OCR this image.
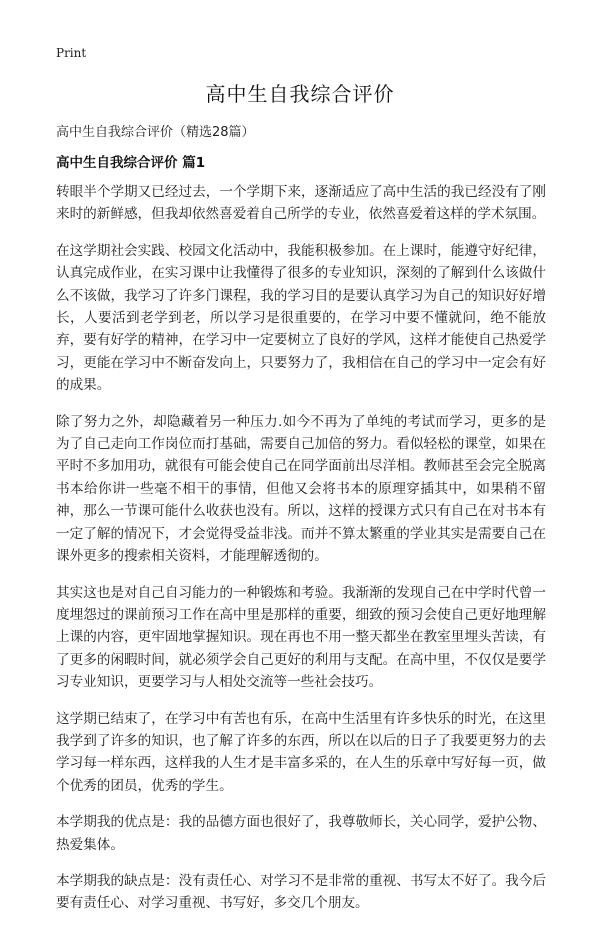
Print
高中生自我综合评价

高中生自我综合评价（精选28篇）

高中生自我综合评价 篇1

转眼半个学期又已经过去，一个学期下来，逐渐适应了高中生活的我已经没有了刚来时的新鲜感，但我却依然喜爱着自己所学的专业，依然喜爱着这样的学术氛围。

在这学期社会实践、校园文化活动中，我能积极参加。在上课时，能遵守好纪律，认真完成作业，在实习课中让我懂得了很多的专业知识，深刻的了解到什么该做什么不该做，我学习了许多门课程，我的学习目的是要认真学习为自己的知识好好增长，人要活到老学到老，所以学习是很重要的，在学习中要不懂就问，绝不能放弃，要有好学的精神，在学习中一定要树立了良好的学风，这样才能使自己热爱学习，更能在学习中不断奋发向上，只要努力了，我相信在自己的学习中一定会有好的成果。

除了努力之外，却隐藏着另一种压力.如今不再为了单纯的考试而学习，更多的是为了自己走向工作岗位而打基础，需要自己加倍的努力。看似轻松的课堂，如果在平时不多加用功，就很有可能会使自己在同学面前出尽洋相。教师甚至会完全脱离书本给你讲一些毫不相干的事情，但他又会将书本的原理穿插其中，如果稍不留神，那么一节课可能什么收获也没有。所以，这样的授课方式只有自己在对书本有一定了解的情况下，才会觉得受益非浅。而并不算太繁重的学业其实是需要自己在课外更多的搜索相关资料，才能理解透彻的。

其实这也是对自己自习能力的一种锻炼和考验。我渐渐的发现自己在中学时代曾一度埋怨过的课前预习工作在高中里是那样的重要，细致的预习会使自己更好地理解上课的内容，更牢固地掌握知识。现在再也不用一整天都坐在教室里埋头苦读，有了更多的闲暇时间，就必须学会自己更好的利用与支配。在高中里，不仅仅是要学习专业知识，更要学习与人相处交流等一些社会技巧。

这学期已结束了，在学习中有苦也有乐，在高中生活里有许多快乐的时光，在这里我学到了许多的知识，也了解了许多的东西，所以在以后的日子了我要更努力的去学习每一样东西，这样我的人生才是丰富多采的，在人生的乐章中写好每一页，做个优秀的团员，优秀的学生。

本学期我的优点是：我的品德方面也很好了，我尊敬师长，关心同学，爱护公物、热爱集体。

本学期我的缺点是：没有责任心、对学习不是非常的重视、书写太不好了。我今后要有责任心、对学习重视、书写好，多交几个朋友。
